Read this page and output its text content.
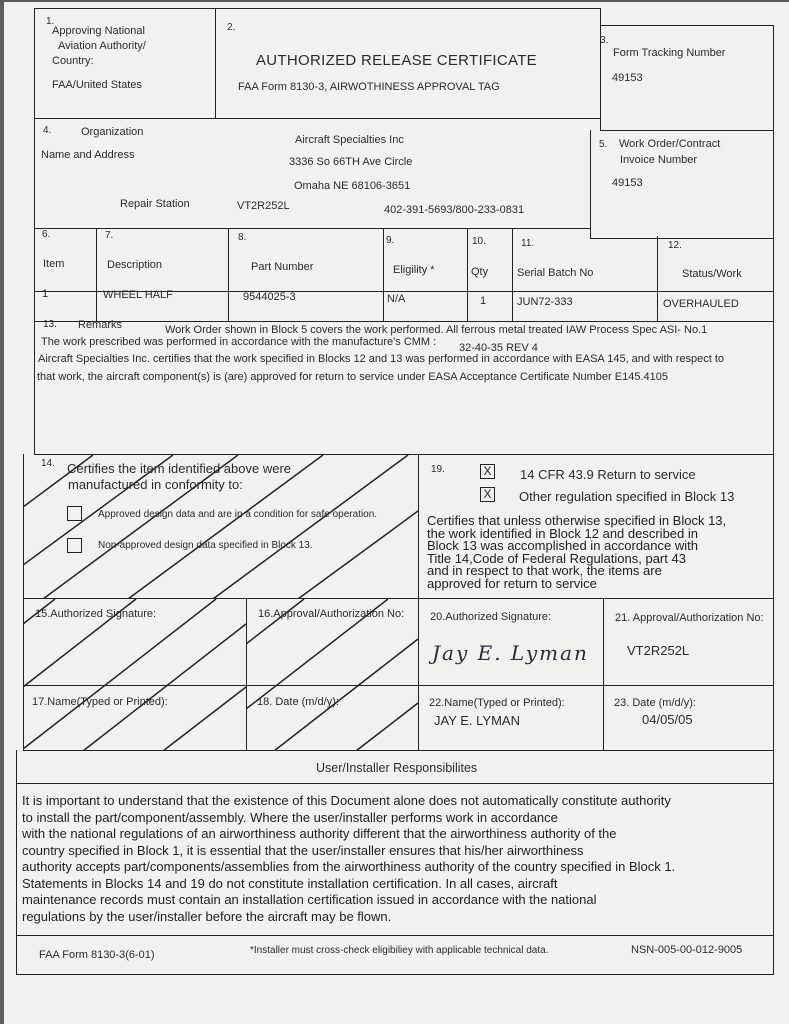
1.
Approving National
Aviation Authority/
Country:
FAA/United States
2.
AUTHORIZED RELEASE CERTIFICATE
FAA Form 8130-3, AIRWOTHINESS APPROVAL TAG
3.
Form Tracking Number
49153
4.	Organization
Name and Address
Aircraft Specialties Inc
3336 So 66TH Ave Circle
Omaha NE 68106-3651
Repair Station	VT2R252L	402-391-5693/800-233-0831
5. Work Order/Contract
Invoice Number
49153
6.	7.	8.	9.	10.	11.	12.
Item	Description	Part Number	Eligility *	Qty	Serial Batch No	Status/Work
1	WHEEL HALF	9544025-3	N/A	1	JUN72-333	OVERHAULED
13. Remarks	Work Order shown in Block 5 covers the work performed. All ferrous metal treated IAW Process Spec ASI- No.1
The work prescribed was performed in accordance with the manufacture's CMM : 32-40-35 REV 4
Aircraft Specialties Inc. certifies that the work specified in Blocks 12 and 13 was performed in accordance with EASA 145, and with respect to
that work, the aircraft component(s) is (are) approved for return to service under EASA Acceptance Certificate Number E145.4105
14. Certifies the item identified above were
manufactured in conformity to:
Approved design data and are in a condition for safe operation.
Non-approved design data specified in Block 13.
19.	X 14 CFR 43.9 Return to service
X Other regulation specified in Block 13
Certifies that unless otherwise specified in Block 13,
the work identified in Block 12 and described in
Block 13 was accomplished in accordance with
Title 14,Code of Federal Regulations, part 43
and in respect to that work, the items are
approved for return to service
15.Authorized Signature:	16.Approval/Authorization No:
17.Name(Typed or Printed):	18. Date (m/d/y):
20.Authorized Signature:
Jay E. Lyman
21. Approval/Authorization No:
VT2R252L
22.Name(Typed or Printed):
JAY E. LYMAN
23. Date (m/d/y):
04/05/05
User/Installer Responsibilites
It is important to understand that the existence of this Document alone does not automatically constitute authority
to install the part/component/assembly. Where the user/installer performs work in accordance
with the national regulations of an airworthiness authority different that the airworthiness authority of the
country specified in Block 1, it is essential that the user/installer ensures that his/her airworthiness
authority accepts part/components/assemblies from the airworthiness authority of the country specified in Block 1.
Statements in Blocks 14 and 19 do not constitute installation certification. In all cases, aircraft
maintenance records must contain an installation certification issued in accordance with the national
regulations by the user/installer before the aircraft may be flown.
FAA Form 8130-3(6-01)	*Installer must cross-check eligibiliey with applicable technical data.	NSN-005-00-012-9005
